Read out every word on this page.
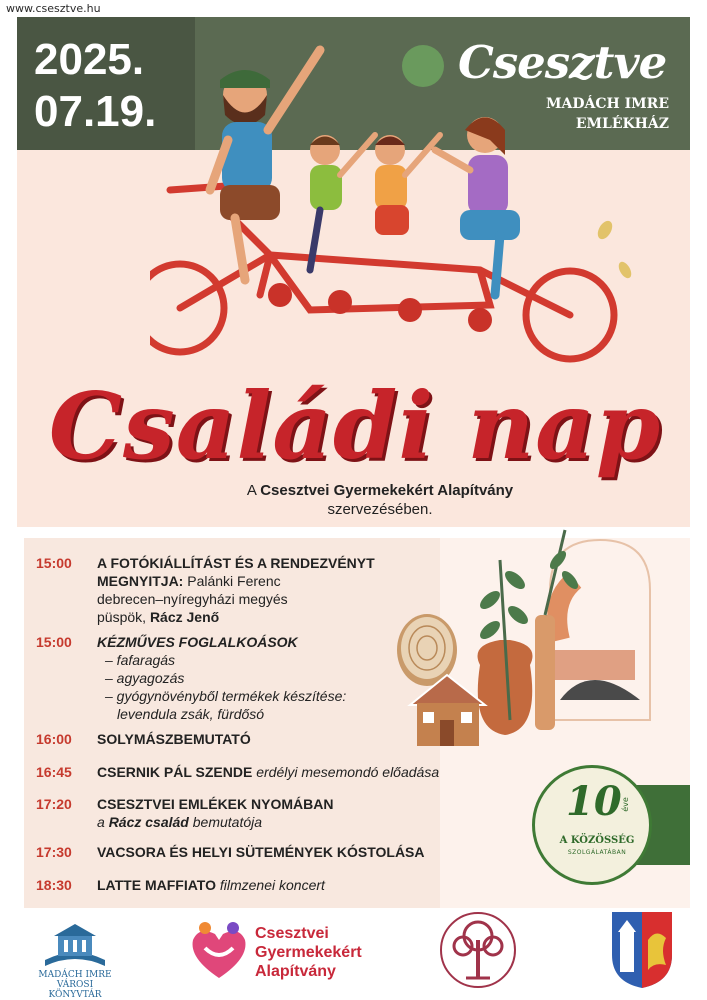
www.csesztve.hu
2025.
07.19.
Csesztve
MADÁCH IMRE
EMLÉKHÁZ
Családi nap
A Csesztvei Gyermekekért Alapítvány
szervezésében.
15:00	A FOTÓKIÁLLÍTÁST ÉS A RENDEZVÉNYT MEGNYITJA: Palánki Ferenc
debrecen–nyíregyházi megyés
püspök, Rácz Jenő
15:00	KÉZMŰVES FOGLALKOÁSOK
– fafaragás
– agyagozás
– gyógynövényből termékek készítése:
levendula zsák, fürdősó
16:00	SOLYMÁSZBEMUTATÓ
16:45	CSERNIK PÁL SZENDE erdélyi mesemondó előadása
17:20	CSESZTVEI EMLÉKEK NYOMÁBAN
a Rácz család bemutatója
17:30	VACSORA ÉS HELYI SÜTEMÉNYEK KÓSTOLÁSA
18:30	LATTE MAFFIATO filmzenei koncert
10 éve
A KÖZÖSSÉG
SZOLGÁLATÁBAN
MADÁCH IMRE
VÁROSI KÖNYVTÁR
Csesztvei
Gyermekekért
Alapítvány
